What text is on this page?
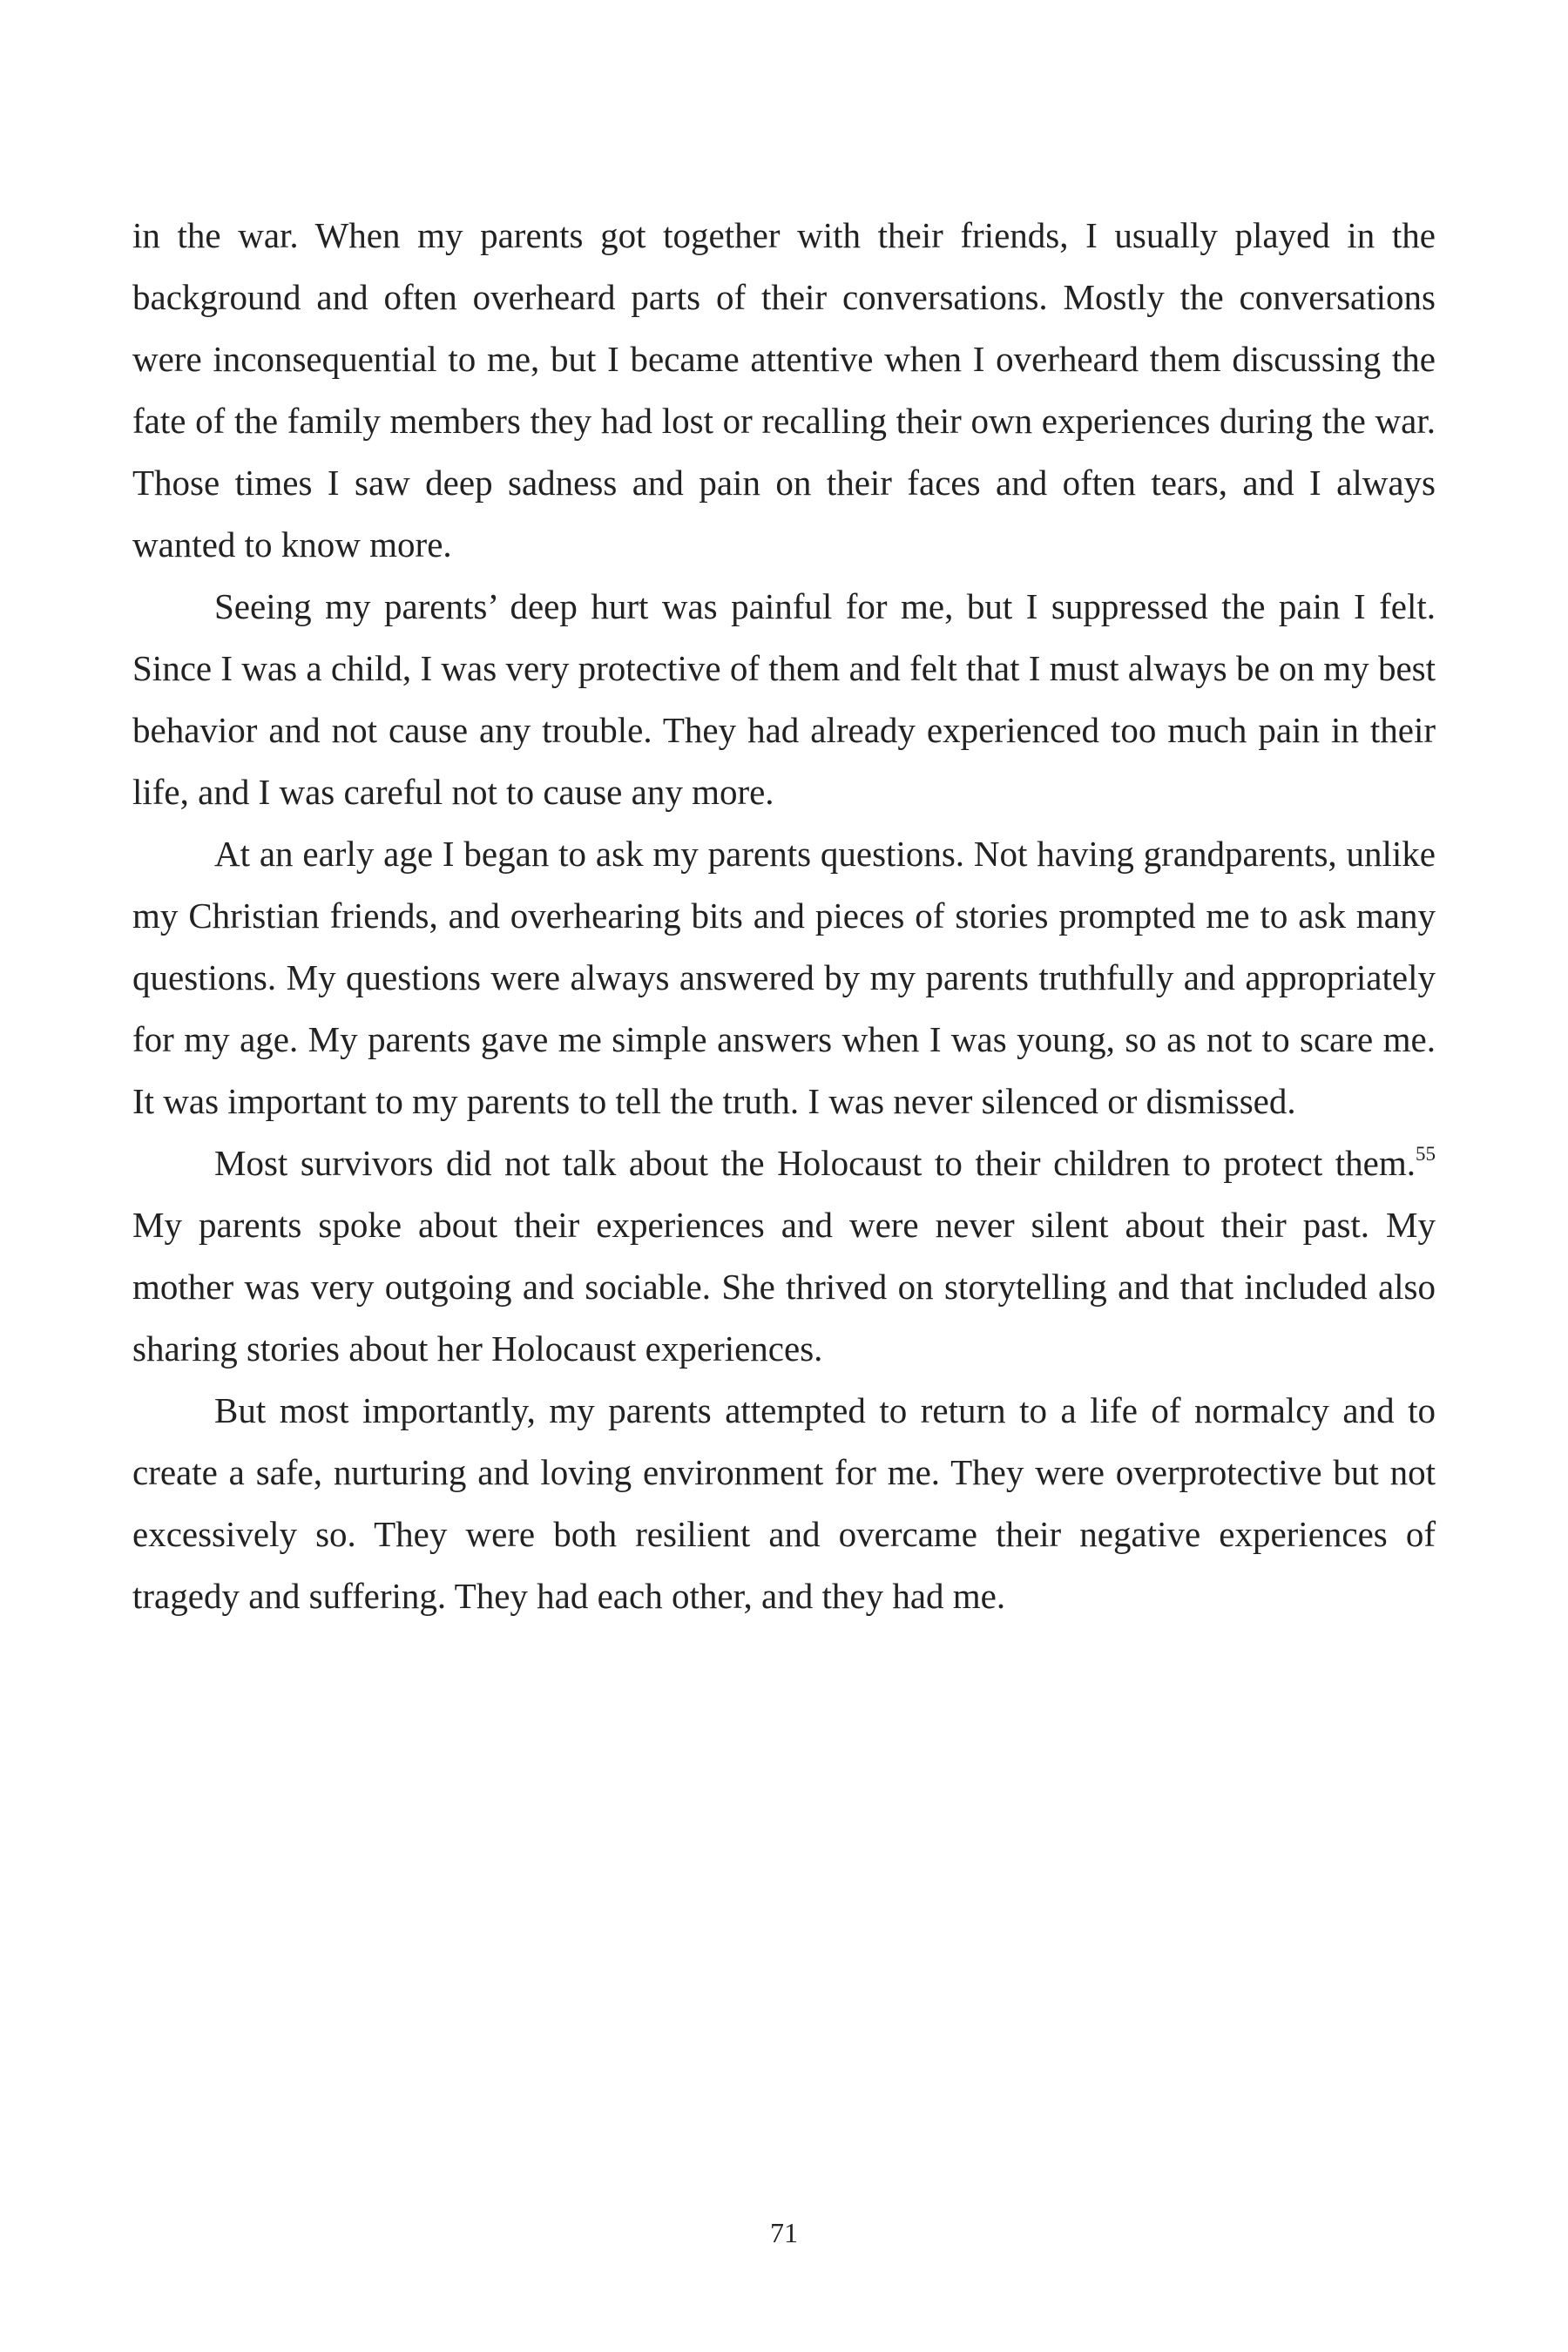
in the war. When my parents got together with their friends, I usually played in the background and often overheard parts of their conversations. Mostly the conversations were inconsequential to me, but I became attentive when I overheard them discussing the fate of the family members they had lost or recalling their own experiences during the war. Those times I saw deep sadness and pain on their faces and often tears, and I always wanted to know more.

Seeing my parents’ deep hurt was painful for me, but I suppressed the pain I felt. Since I was a child, I was very protective of them and felt that I must always be on my best behavior and not cause any trouble. They had already experienced too much pain in their life, and I was careful not to cause any more.

At an early age I began to ask my parents questions. Not having grandparents, unlike my Christian friends, and overhearing bits and pieces of stories prompted me to ask many questions. My questions were always answered by my parents truthfully and appropriately for my age. My parents gave me simple answers when I was young, so as not to scare me. It was important to my parents to tell the truth. I was never silenced or dismissed.

Most survivors did not talk about the Holocaust to their children to protect them.$^{55}$ My parents spoke about their experiences and were never silent about their past. My mother was very outgoing and sociable. She thrived on storytelling and that included also sharing stories about her Holocaust experiences.

But most importantly, my parents attempted to return to a life of normalcy and to create a safe, nurturing and loving environment for me. They were overprotective but not excessively so. They were both resilient and overcame their negative experiences of tragedy and suffering. They had each other, and they had me.

71
